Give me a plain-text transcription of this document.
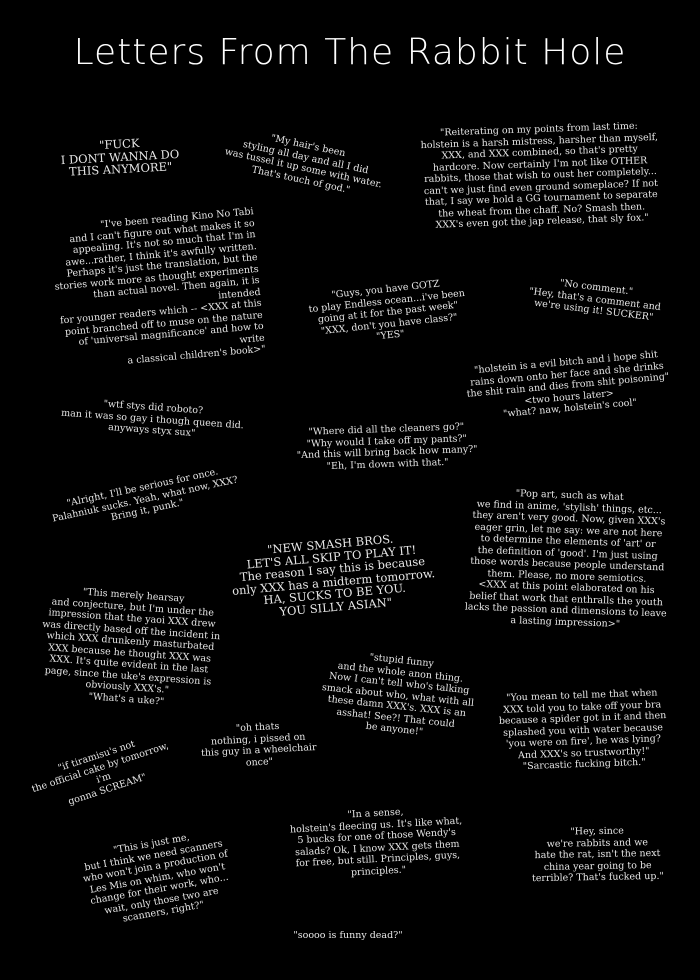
Letters From The Rabbit Hole
"FUCK
I DONT WANNA DO
THIS ANYMORE"
"My hair's been
styling all day and all I did
was tussel it up some with water.
That's touch of god."
"Reiterating on my points from last time:
holstein is a harsh mistress, harsher than myself,
XXX, and XXX combined, so that's pretty
hardcore. Now certainly I'm not like OTHER
rabbits, those that wish to oust her completely...
can't we just find even ground someplace? If not
that, I say we hold a GG tournament to separate
the wheat from the chaff. No? Smash then.
XXX's even got the jap release, that sly fox."
"I've been reading Kino No Tabi
and I can't figure out what makes it so
appealing. It's not so much that I'm in
awe...rather, I think it's awfully written.
Perhaps it's just the translation, but the
stories work more as thought experiments
than actual novel. Then again, it is intended
for younger readers which -- <XXX at this
point branched off to muse on the nature
of 'universal magnificance' and how to write
a classical children's book>"
"Guys, you have GOTZ
to play Endless ocean...i've been
going at it for the past week"
"XXX, don't you have class?"
"YES"
"No comment."
"Hey, that's a comment and
we're using it! SUCKER"
"holstein is a evil bitch and i hope shit
rains down onto her face and she drinks
the shit rain and dies from shit poisoning"
<two hours later>
"what? naw, holstein's cool"
"wtf stys did roboto?
man it was so gay i though queen did.
anyways styx sux"	"Where did all the cleaners go?"
"Why would I take off my pants?"
"And this will bring back how many?"
"Eh, I'm down with that."
"Alright, I'll be serious for once.
Palahniuk sucks. Yeah, what now, XXX?
Bring it, punk."
"Pop art, such as what
we find in anime, 'stylish' things, etc...
they aren't very good. Now, given XXX's
eager grin, let me say: we are not here
to determine the elements of 'art' or
the definition of 'good'. I'm just using
those words because people understand
them. Please, no more semiotics.
<XXX at this point elaborated on his
belief that work that enthralls the youth
lacks the passion and dimensions to leave
a lasting impression>"
"NEW SMASH BROS.
LET'S ALL SKIP TO PLAY IT!
The reason I say this is because
only XXX has a midterm tomorrow.
HA, SUCKS TO BE YOU.
YOU SILLY ASIAN"
"This merely hearsay
and conjecture, but I'm under the
impression that the yaoi XXX drew
was directly based off the incident in
which XXX drunkenly masturbated
XXX because he thought XXX was
XXX. It's quite evident in the last
page, since the uke's expression is
obviously XXX's."
"What's a uke?"
"stupid funny
and the whole anon thing.
Now I can't tell who's talking
smack about who, what with all
these damn XXX's. XXX is an
asshat! See?! That could
be anyone!"
"You mean to tell me that when
XXX told you to take off your bra
because a spider got in it and then
splashed you with water because
'you were on fire', he was lying?
And XXX's so trustworthy!"
"Sarcastic fucking bitch."
"oh thats
nothing, i pissed on
this guy in a wheelchair
once"
"if tiramisu's not
the official cake by tomorrow, i'm
gonna SCREAM"
"In a sense,
holstein's fleecing us. It's like what,
5 bucks for one of those Wendy's
salads? Ok, I know XXX gets them
for free, but still. Principles, guys,
principles."
"Hey, since
we're rabbits and we
hate the rat, isn't the next
china year going to be
terrible? That's fucked up."
"This is just me,
but I think we need scanners
who won't join a production of
Les Mis on whim, who won't
change for their work, who...
wait, only those two are
scanners, right?"
"soooo is funny dead?"
